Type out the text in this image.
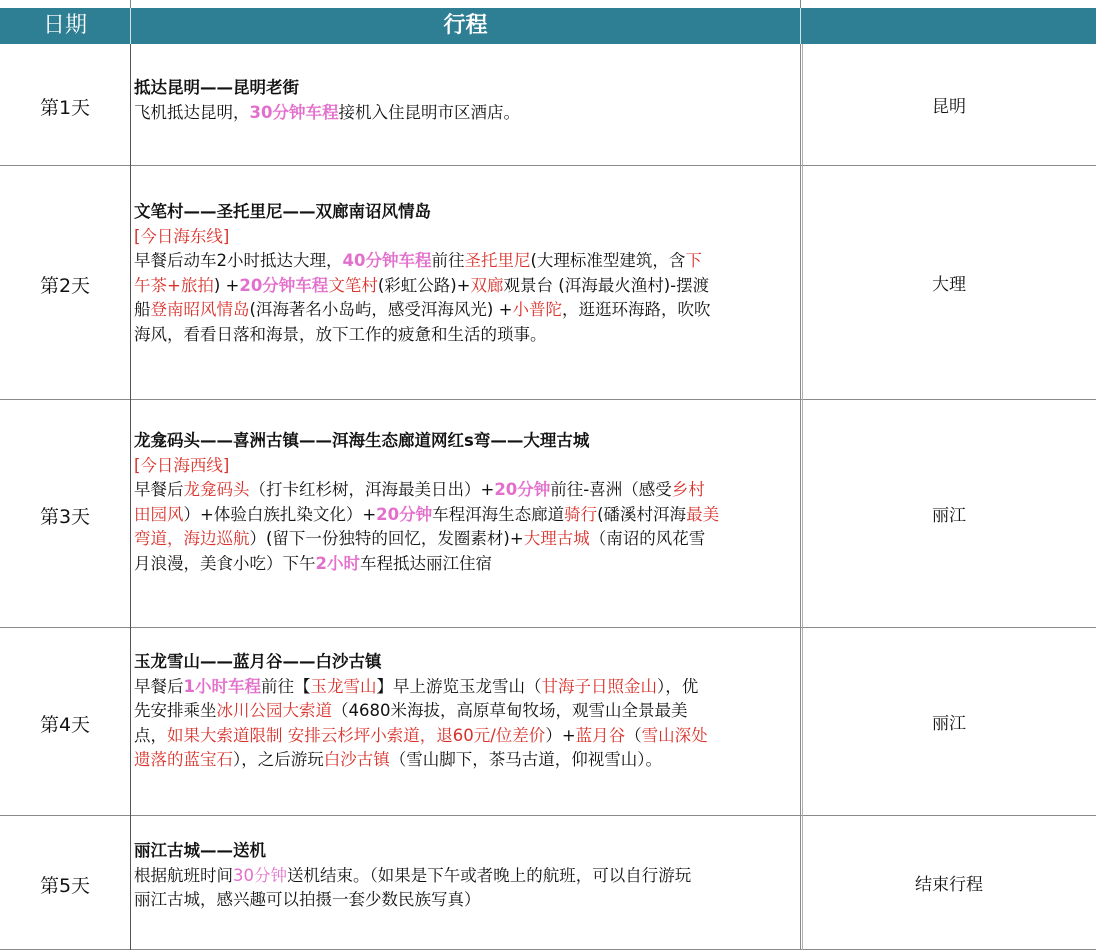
日期	行程
第1天
抵达昆明——昆明老街
飞机抵达昆明，30分钟车程接机入住昆明市区酒店。	昆明
第2天
文笔村——圣托里尼——双廊南诏风情岛
[今日海东线]
早餐后动车2小时抵达大理，40分钟车程前往圣托里尼(大理标准型建筑，含下
午茶+旅拍) +20分钟车程文笔村(彩虹公路)+双廊观景台 (洱海最火渔村)-摆渡
船登南昭风情岛(洱海著名小岛屿，感受洱海风光) +小普陀，逛逛环海路，吹吹
海风，看看日落和海景，放下工作的疲惫和生活的琐事。
大理
第3天
龙龛码头——喜洲古镇——洱海生态廊道网红s弯——大理古城
[今日海西线]
早餐后龙龛码头（打卡红杉树，洱海最美日出）+20分钟前往-喜洲（感受乡村
田园风）+体验白族扎染文化）+20分钟车程洱海生态廊道骑行(磻溪村洱海最美
弯道，海边巡航）(留下一份独特的回忆，发圈素材)+大理古城（南诏的风花雪
月浪漫，美食小吃）下午2小时车程抵达丽江住宿
丽江
第4天
玉龙雪山——蓝月谷——白沙古镇
早餐后1小时车程前往【玉龙雪山】早上游览玉龙雪山（甘海子日照金山），优
先安排乘坐冰川公园大索道（4680米海拔，高原草甸牧场，观雪山全景最美
点，如果大索道限制 安排云杉坪小索道，退60元/位差价）+蓝月谷（雪山深处
遗落的蓝宝石），之后游玩白沙古镇（雪山脚下，茶马古道，仰视雪山）。
丽江
第5天
丽江古城——送机
根据航班时间30分钟送机结束。（如果是下午或者晚上的航班，可以自行游玩
丽江古城，感兴趣可以拍摄一套少数民族写真）
结束行程
